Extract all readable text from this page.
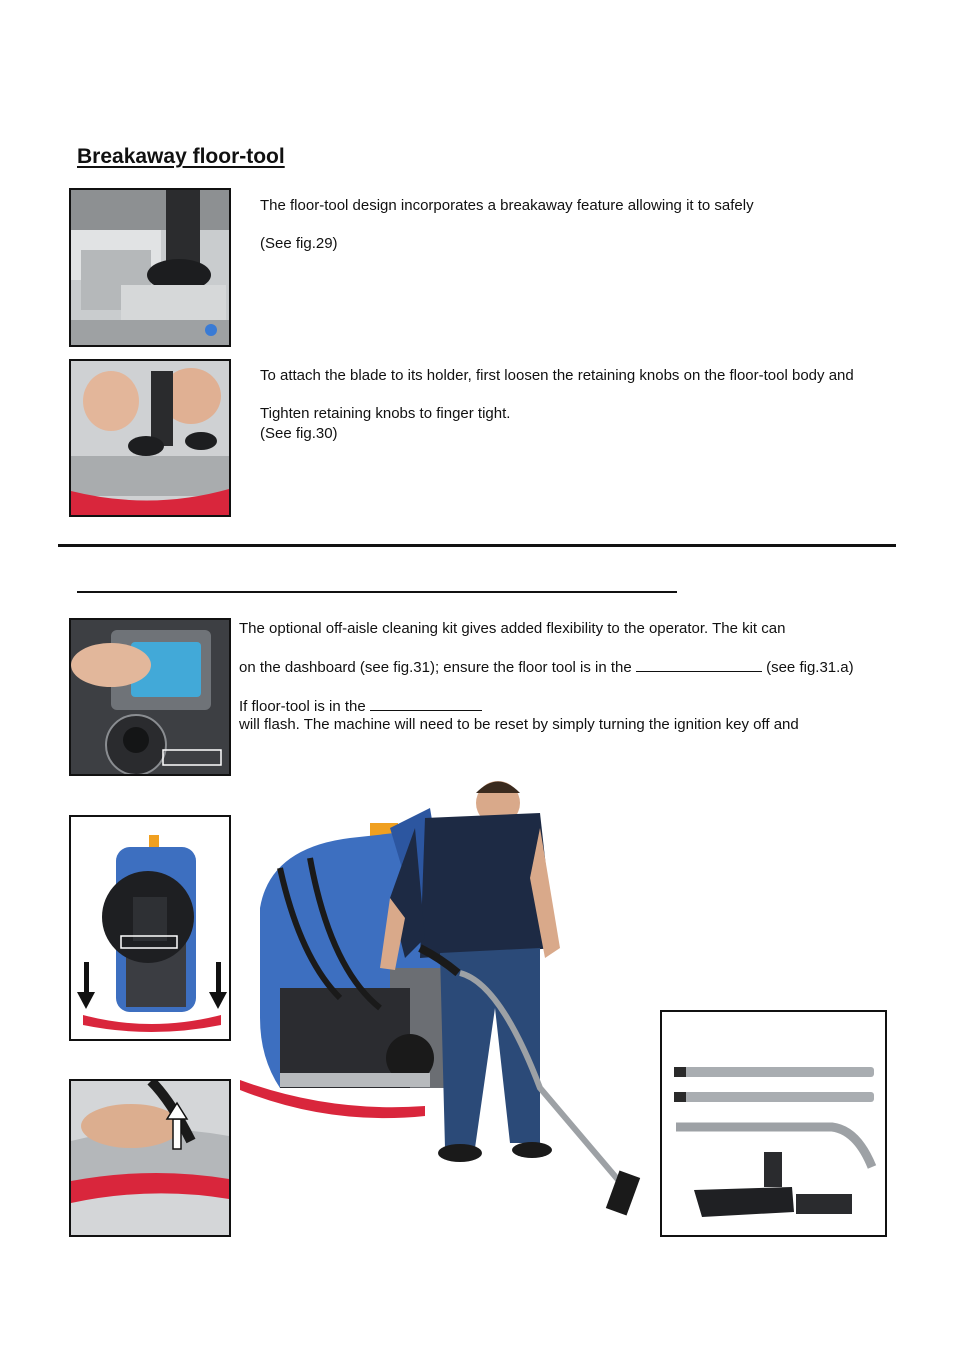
Breakaway floor-tool
The floor-tool design incorporates a breakaway feature allowing it to safely
(See fig.29)
To attach the blade to its holder, first loosen the retaining knobs on the floor-tool body and
Tighten retaining knobs to finger tight.
(See fig.30)
The optional off-aisle cleaning kit gives added flexibility to the operator. The kit can
on the dashboard (see fig.31); ensure the floor tool is in the	(see fig.31.a)
If floor-tool is in the
will flash. The machine will need to be reset by simply turning the ignition key off and
